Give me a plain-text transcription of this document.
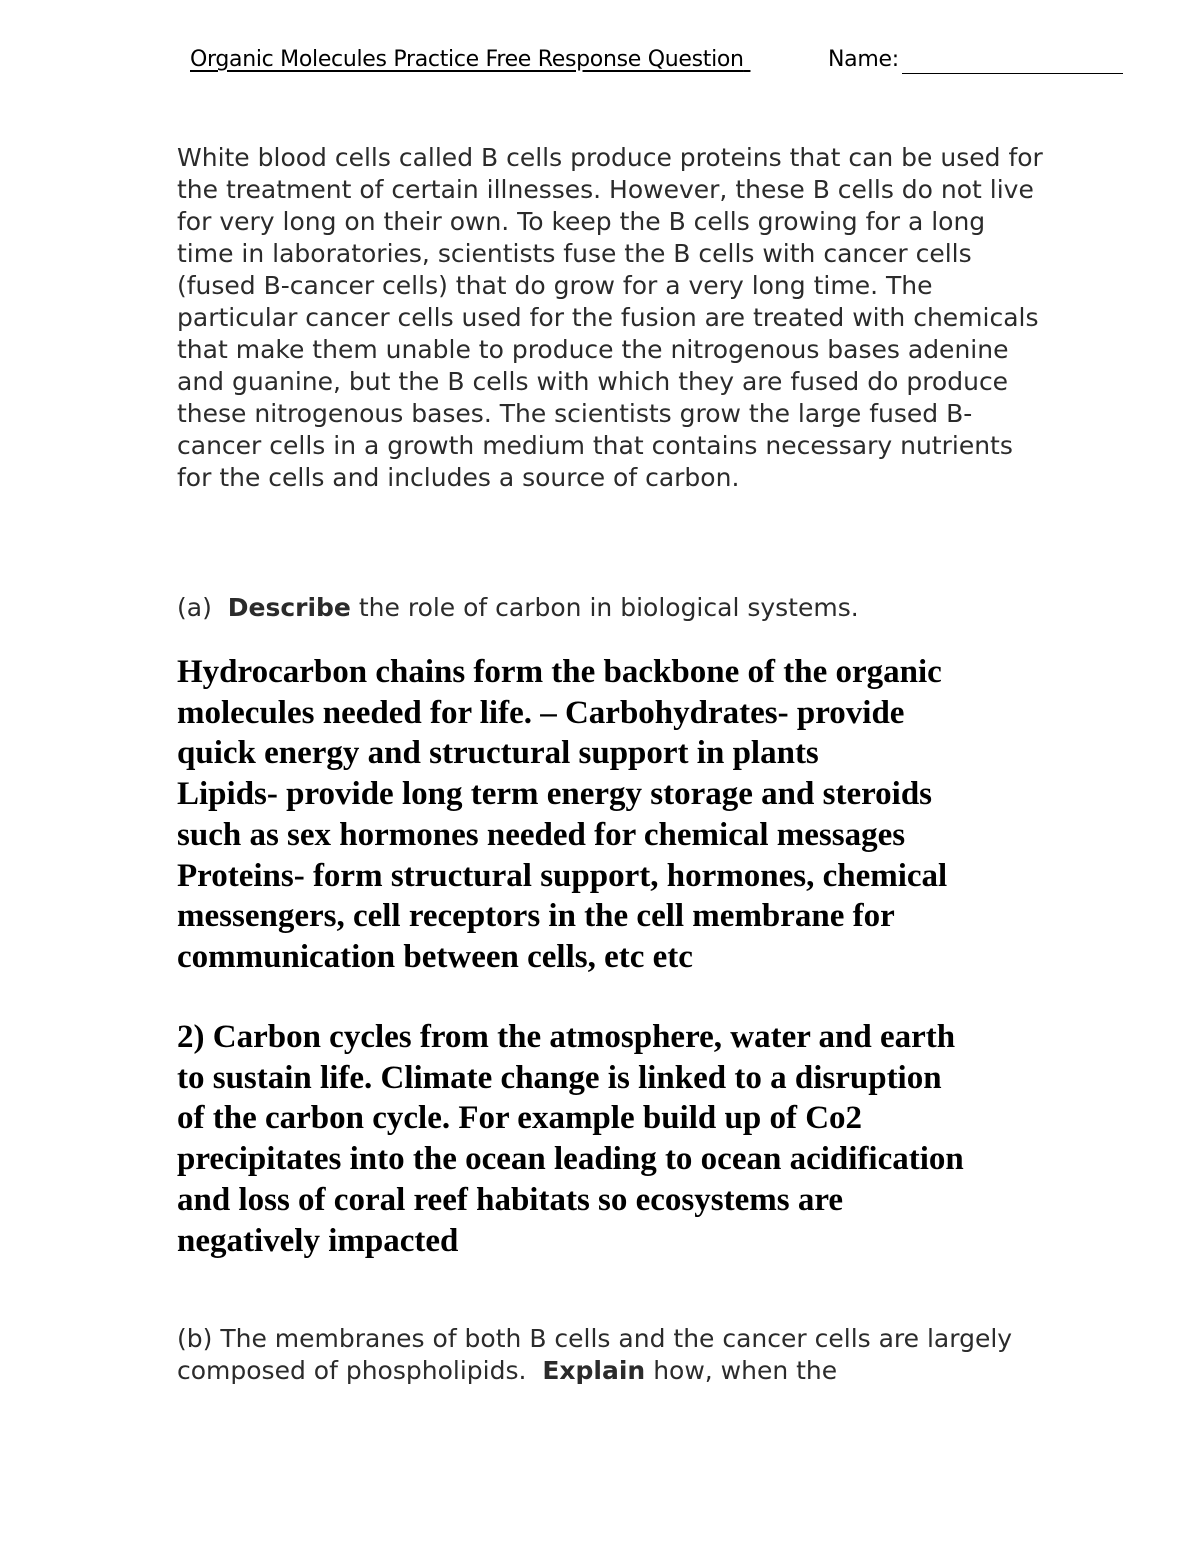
Organic Molecules Practice Free Response Question	Name:

White blood cells called B cells produce proteins that can be used for the treatment of certain illnesses. However, these B cells do not live for very long on their own. To keep the B cells growing for a long time in laboratories, scientists fuse the B cells with cancer cells (fused B-cancer cells) that do grow for a very long time. The particular cancer cells used for the fusion are treated with chemicals that make them unable to produce the nitrogenous bases adenine and guanine, but the B cells with which they are fused do produce these nitrogenous bases. The scientists grow the large fused B-cancer cells in a growth medium that contains necessary nutrients for the cells and includes a source of carbon.

(a) Describe the role of carbon in biological systems.

Hydrocarbon chains form the backbone of the organic
molecules needed for life. – Carbohydrates- provide
quick energy and structural support in plants
Lipids- provide long term energy storage and steroids
such as sex hormones needed for chemical messages
Proteins- form structural support, hormones, chemical
messengers, cell receptors in the cell membrane for
communication between cells, etc etc
2) Carbon cycles from the atmosphere, water and earth
to sustain life. Climate change is linked to a disruption
of the carbon cycle. For example build up of Co2
precipitates into the ocean leading to ocean acidification
and loss of coral reef habitats so ecosystems are
negatively impacted

(b) The membranes of both B cells and the cancer cells are largely composed of phospholipids. Explain how, when the
